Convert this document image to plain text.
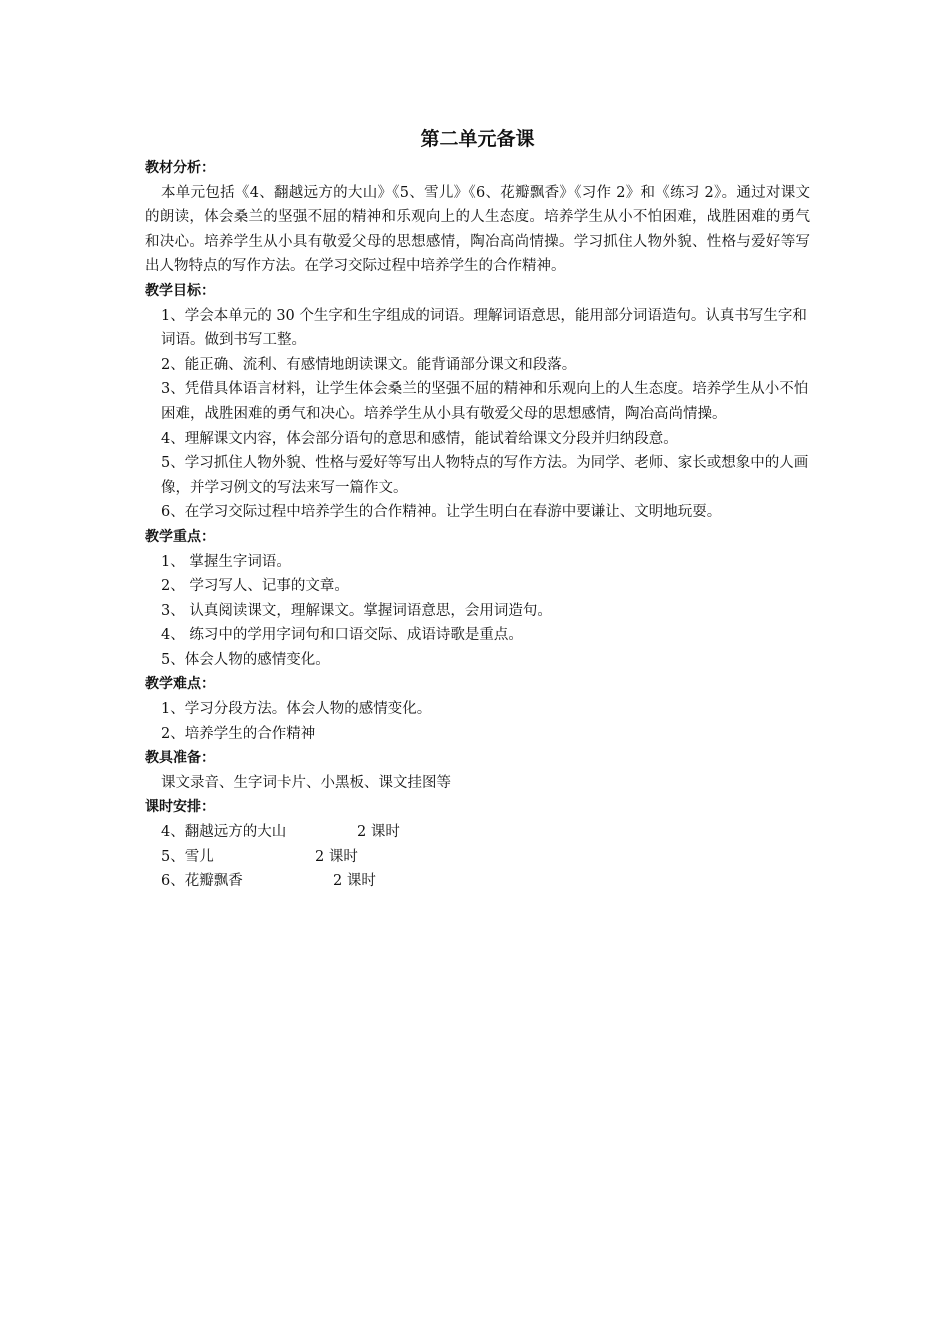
第二单元备课
教材分析：

本单元包括《4、翻越远方的大山》《5、雪儿》《6、花瓣飘香》《习作 2》和《练习 2》。通过对课文的朗读，体会桑兰的坚强不屈的精神和乐观向上的人生态度。培养学生从小不怕困难，战胜困难的勇气和决心。培养学生从小具有敬爱父母的思想感情，陶冶高尚情操。学习抓住人物外貌、性格与爱好等写出人物特点的写作方法。在学习交际过程中培养学生的合作精神。

教学目标：

1、学会本单元的 30 个生字和生字组成的词语。理解词语意思，能用部分词语造句。认真书写生字和词语。做到书写工整。

2、能正确、流利、有感情地朗读课文。能背诵部分课文和段落。

3、凭借具体语言材料，让学生体会桑兰的坚强不屈的精神和乐观向上的人生态度。培养学生从小不怕困难，战胜困难的勇气和决心。培养学生从小具有敬爱父母的思想感情，陶冶高尚情操。

4、理解课文内容，体会部分语句的意思和感情，能试着给课文分段并归纳段意。

5、学习抓住人物外貌、性格与爱好等写出人物特点的写作方法。为同学、老师、家长或想象中的人画像，并学习例文的写法来写一篇作文。

6、在学习交际过程中培养学生的合作精神。让学生明白在春游中要谦让、文明地玩耍。

教学重点：

1、 掌握生字词语。

2、 学习写人、记事的文章。

3、 认真阅读课文，理解课文。掌握词语意思，会用词造句。

4、 练习中的学用字词句和口语交际、成语诗歌是重点。

5、体会人物的感情变化。

教学难点：

1、学习分段方法。体会人物的感情变化。

2、培养学生的合作精神

教具准备：

课文录音、生字词卡片、小黑板、课文挂图等

课时安排：

4、翻越远方的大山	2 课时

5、雪儿	2 课时

6、花瓣飘香	2 课时
